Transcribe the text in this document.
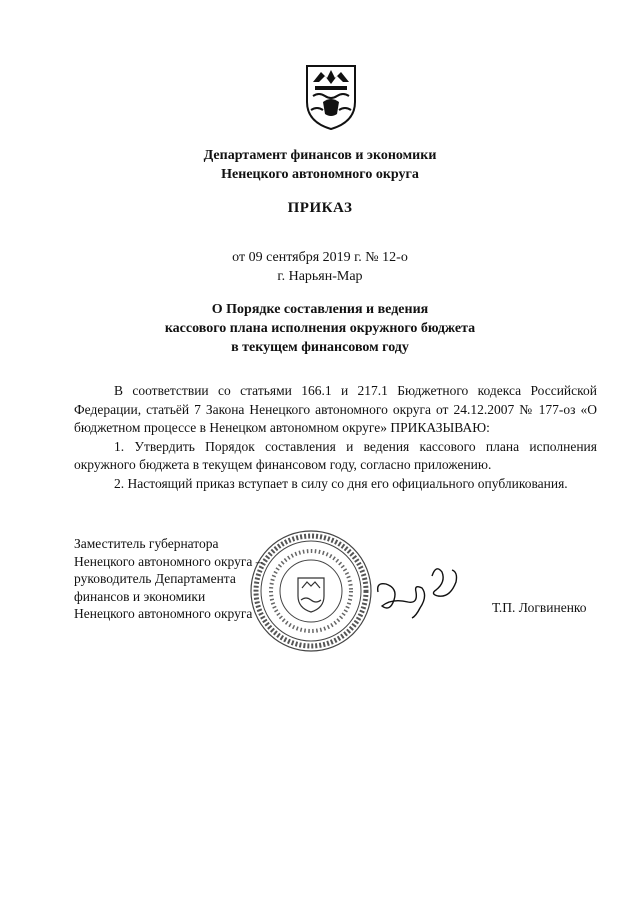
Департамент финансов и экономики
Ненецкого автономного округа
ПРИКАЗ
от 09 сентября 2019 г. № 12-о
г. Нарьян-Мар
О Порядке составления и ведения
кассового плана исполнения окружного бюджета
в текущем финансовом году

В соответствии со статьями 166.1 и 217.1 Бюджетного кодекса Российской Федерации, статьёй 7 Закона Ненецкого автономного округа от 24.12.2007 № 177-оз «О бюджетном процессе в Ненецком автономном округе» ПРИКАЗЫВАЮ:

1. Утвердить Порядок составления и ведения кассового плана исполнения окружного бюджета в текущем финансовом году, согласно приложению.

2. Настоящий приказ вступает в силу со дня его официального опубликования.

Заместитель губернатора
Ненецкого автономного округа –
руководитель Департамента
финансов и экономики
Ненецкого автономного округа	Т.П. Логвиненко
